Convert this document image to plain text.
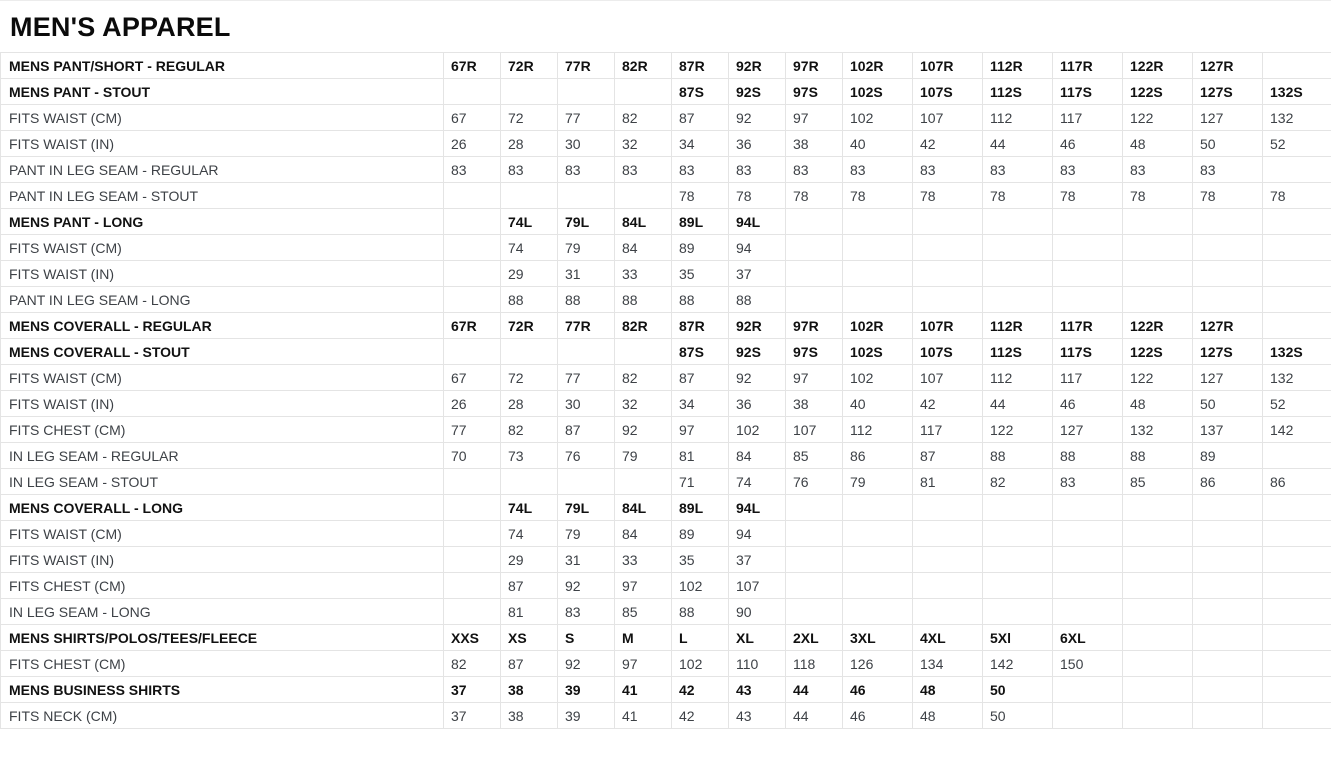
MEN'S APPAREL
MENS PANT/SHORT - REGULAR	67R	72R	77R	82R	87R	92R	97R	102R	107R	112R	117R	122R	127R	
MENS PANT - STOUT					87S	92S	97S	102S	107S	112S	117S	122S	127S	132S
FITS WAIST (CM)	67	72	77	82	87	92	97	102	107	112	117	122	127	132
FITS WAIST (IN)	26	28	30	32	34	36	38	40	42	44	46	48	50	52
PANT IN LEG SEAM - REGULAR	83	83	83	83	83	83	83	83	83	83	83	83	83	
PANT IN LEG SEAM - STOUT					78	78	78	78	78	78	78	78	78	78
MENS PANT - LONG		74L	79L	84L	89L	94L								
FITS WAIST (CM)		74	79	84	89	94								
FITS WAIST (IN)		29	31	33	35	37								
PANT IN LEG SEAM - LONG		88	88	88	88	88								
MENS COVERALL - REGULAR	67R	72R	77R	82R	87R	92R	97R	102R	107R	112R	117R	122R	127R	
MENS COVERALL - STOUT					87S	92S	97S	102S	107S	112S	117S	122S	127S	132S
FITS WAIST (CM)	67	72	77	82	87	92	97	102	107	112	117	122	127	132
FITS WAIST (IN)	26	28	30	32	34	36	38	40	42	44	46	48	50	52
FITS CHEST (CM)	77	82	87	92	97	102	107	112	117	122	127	132	137	142
IN LEG SEAM - REGULAR	70	73	76	79	81	84	85	86	87	88	88	88	89	
IN LEG SEAM - STOUT					71	74	76	79	81	82	83	85	86	86
MENS COVERALL - LONG		74L	79L	84L	89L	94L								
FITS WAIST (CM)		74	79	84	89	94								
FITS WAIST (IN)		29	31	33	35	37								
FITS CHEST (CM)		87	92	97	102	107								
IN LEG SEAM - LONG		81	83	85	88	90								
MENS SHIRTS/POLOS/TEES/FLEECE	XXS	XS	S	M	L	XL	2XL	3XL	4XL	5Xl	6XL			
FITS CHEST (CM)	82	87	92	97	102	110	118	126	134	142	150			
MENS BUSINESS SHIRTS	37	38	39	41	42	43	44	46	48	50				
FITS NECK (CM)	37	38	39	41	42	43	44	46	48	50				
